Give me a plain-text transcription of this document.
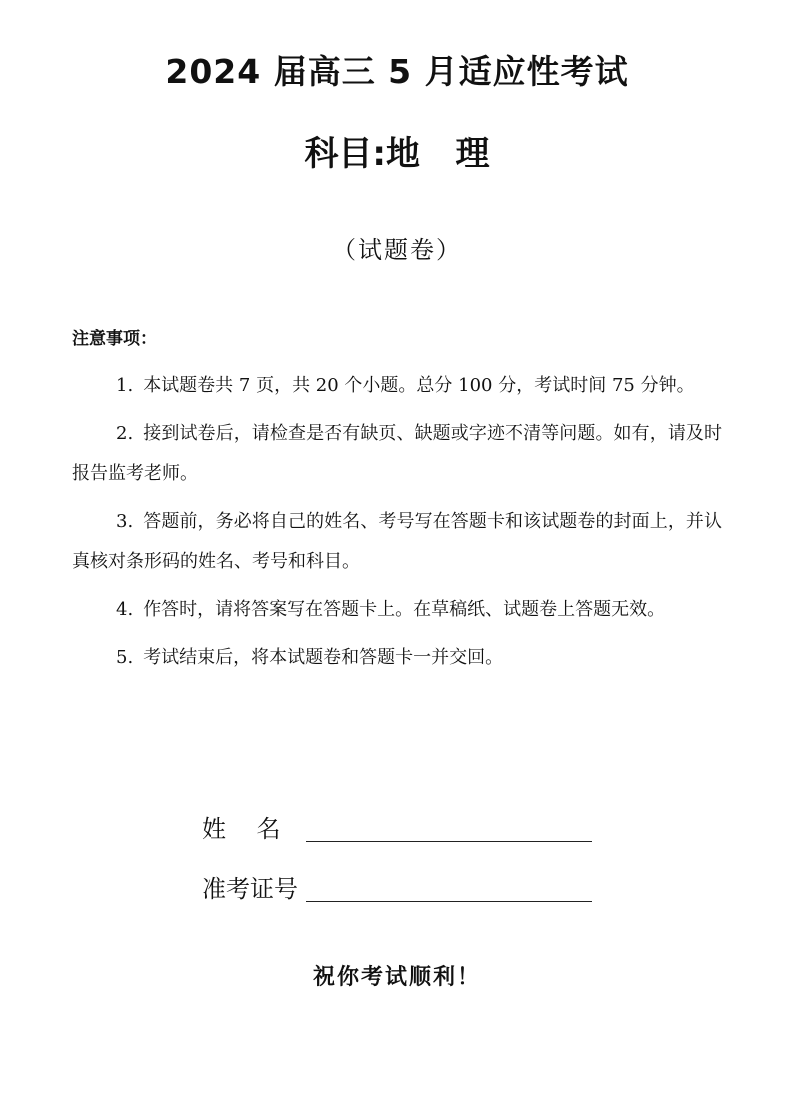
2024 届高三 5 月适应性考试
科目:地   理
（试题卷）
注意事项：
1. 本试题卷共 7 页，共 20 个小题。总分 100 分，考试时间 75 分钟。
2. 接到试卷后，请检查是否有缺页、缺题或字迹不清等问题。如有，请及时报告监考老师。
3. 答题前，务必将自己的姓名、考号写在答题卡和该试题卷的封面上，并认真核对条形码的姓名、考号和科目。
4. 作答时，请将答案写在答题卡上。在草稿纸、试题卷上答题无效。
5. 考试结束后，将本试题卷和答题卡一并交回。
姓    名
准考证号
祝你考试顺利！
